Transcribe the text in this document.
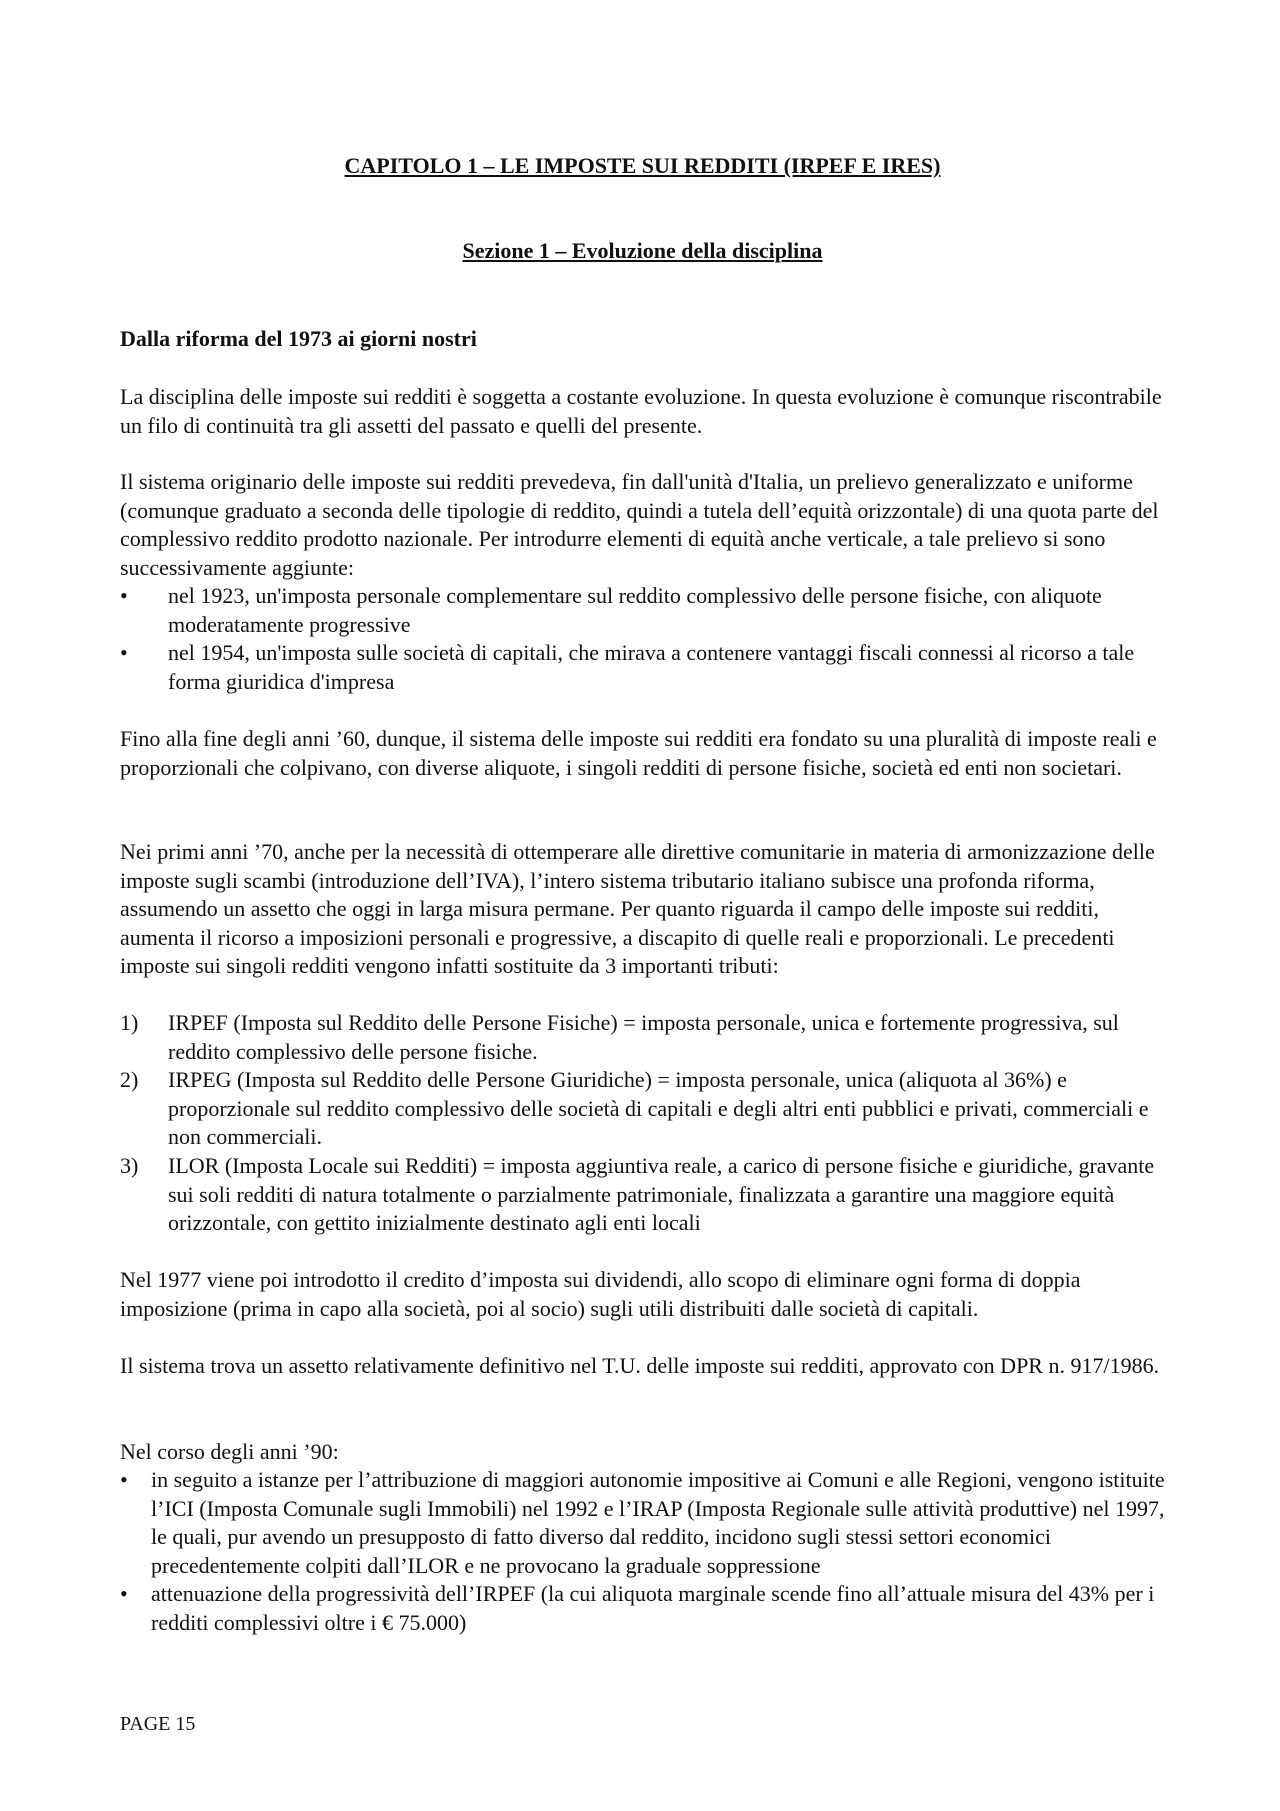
CAPITOLO 1 – LE IMPOSTE SUI REDDITI (IRPEF E IRES)
Sezione 1 – Evoluzione della disciplina
Dalla riforma del 1973 ai giorni nostri

La disciplina delle imposte sui redditi è soggetta a costante evoluzione. In questa evoluzione è comunque riscontrabile un filo di continuità tra gli assetti del passato e quelli del presente.

Il sistema originario delle imposte sui redditi prevedeva, fin dall'unità d'Italia, un prelievo generalizzato e uniforme (comunque graduato a seconda delle tipologie di reddito, quindi a tutela dell’equità orizzontale) di una quota parte del complessivo reddito prodotto nazionale. Per introdurre elementi di equità anche verticale, a tale prelievo si sono successivamente aggiunte:

• nel 1923, un'imposta personale complementare sul reddito complessivo delle persone fisiche, con aliquote moderatamente progressive
• nel 1954, un'imposta sulle società di capitali, che mirava a contenere vantaggi fiscali connessi al ricorso a tale forma giuridica d'impresa

Fino alla fine degli anni ’60, dunque, il sistema delle imposte sui redditi era fondato su una pluralità di imposte reali e proporzionali che colpivano, con diverse aliquote, i singoli redditi di persone fisiche, società ed enti non societari.

Nei primi anni ’70, anche per la necessità di ottemperare alle direttive comunitarie in materia di armonizzazione delle imposte sugli scambi (introduzione dell’IVA), l’intero sistema tributario italiano subisce una profonda riforma, assumendo un assetto che oggi in larga misura permane. Per quanto riguarda il campo delle imposte sui redditi, aumenta il ricorso a imposizioni personali e progressive, a discapito di quelle reali e proporzionali. Le precedenti imposte sui singoli redditi vengono infatti sostituite da 3 importanti tributi:

1) IRPEF (Imposta sul Reddito delle Persone Fisiche) = imposta personale, unica e fortemente progressiva, sul reddito complessivo delle persone fisiche.
2) IRPEG (Imposta sul Reddito delle Persone Giuridiche) = imposta personale, unica (aliquota al 36%) e proporzionale sul reddito complessivo delle società di capitali e degli altri enti pubblici e privati, commerciali e non commerciali.
3) ILOR (Imposta Locale sui Redditi) = imposta aggiuntiva reale, a carico di persone fisiche e giuridiche, gravante sui soli redditi di natura totalmente o parzialmente patrimoniale, finalizzata a garantire una maggiore equità orizzontale, con gettito inizialmente destinato agli enti locali

Nel 1977 viene poi introdotto il credito d’imposta sui dividendi, allo scopo di eliminare ogni forma di doppia imposizione (prima in capo alla società, poi al socio) sugli utili distribuiti dalle società di capitali.

Il sistema trova un assetto relativamente definitivo nel T.U. delle imposte sui redditi, approvato con DPR n. 917/1986.

Nel corso degli anni ’90:

• in seguito a istanze per l’attribuzione di maggiori autonomie impositive ai Comuni e alle Regioni, vengono istituite l’ICI (Imposta Comunale sugli Immobili) nel 1992 e l’IRAP (Imposta Regionale sulle attività produttive) nel 1997, le quali, pur avendo un presupposto di fatto diverso dal reddito, incidono sugli stessi settori economici precedentemente colpiti dall’ILOR e ne provocano la graduale soppressione
• attenuazione della progressività dell’IRPEF (la cui aliquota marginale scende fino all’attuale misura del 43% per i redditi complessivi oltre i € 75.000)
PAGE 15
